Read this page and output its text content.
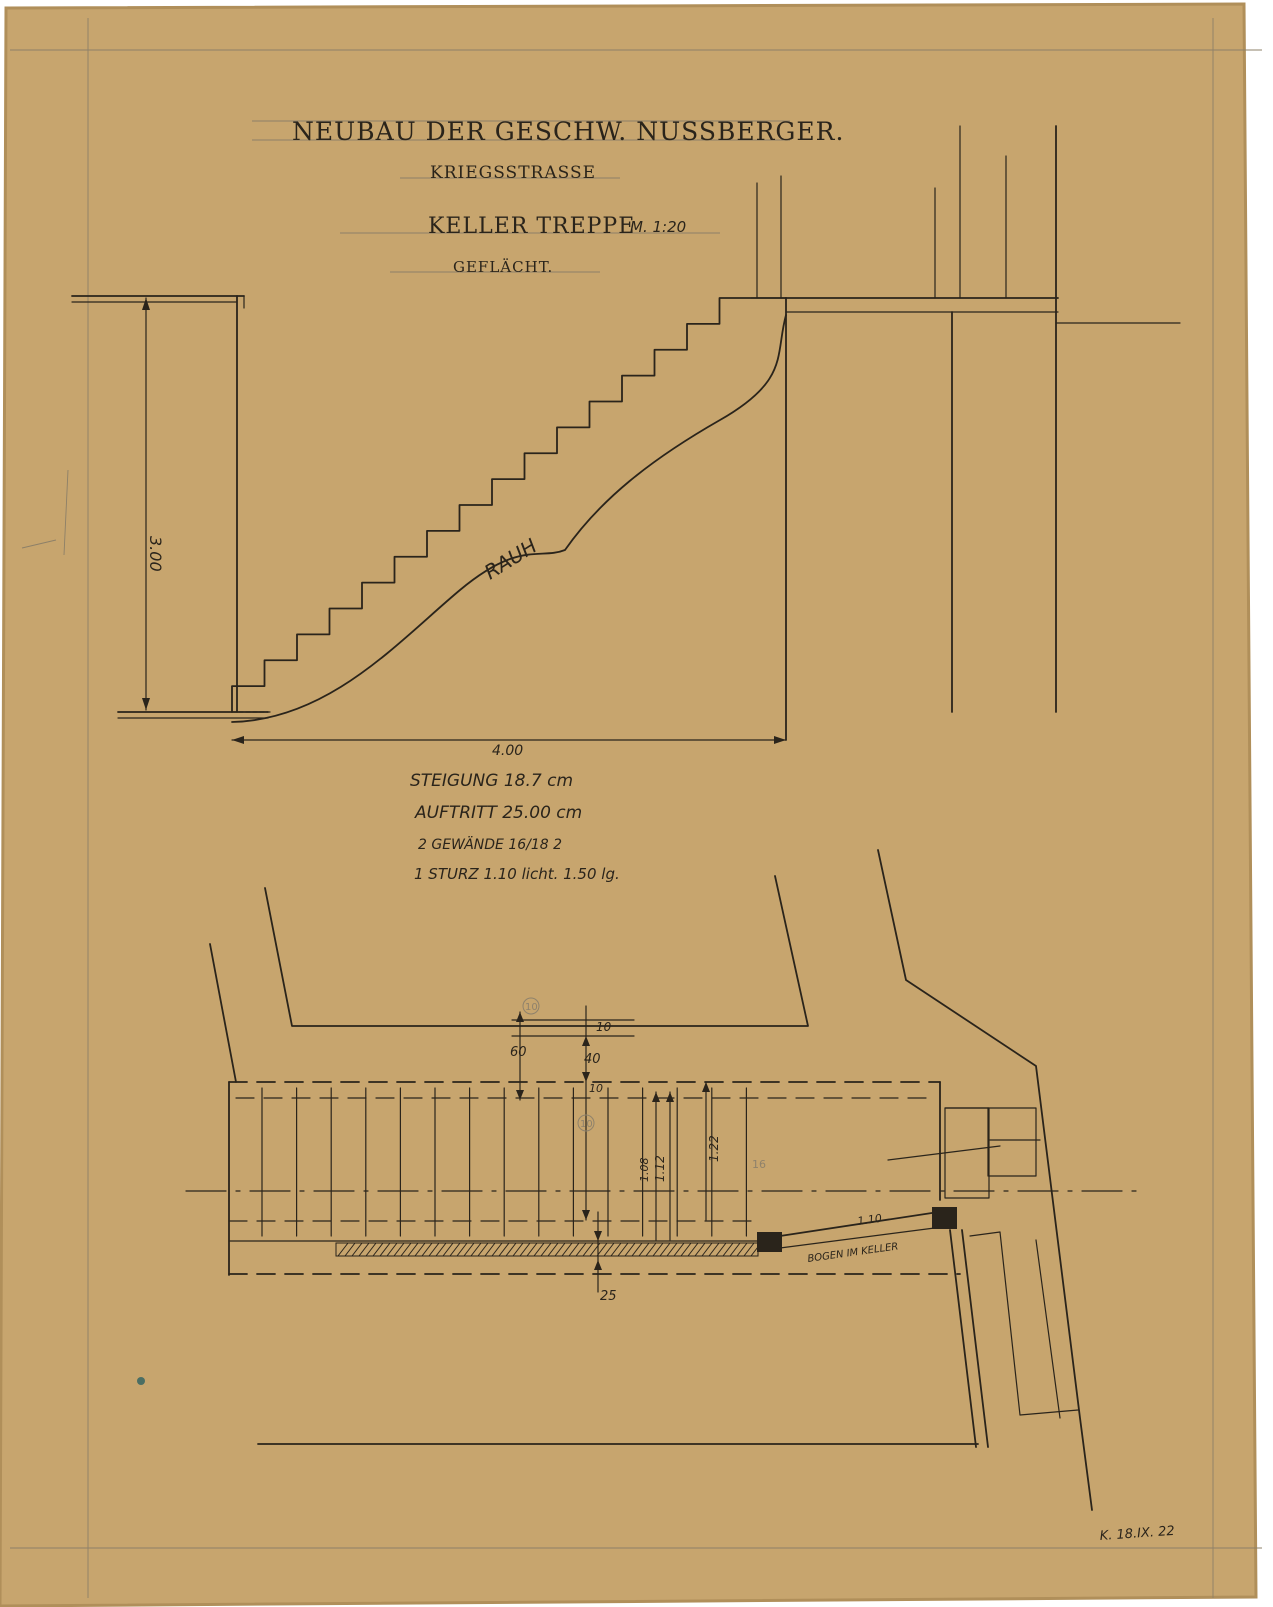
NEUBAU DER GESCHW. NUSSBERGER.
KRIEGSSTRASSE
KELLER TREPPE
M. 1:20
GEFLÄCHT.
RAUH
3.00
4.00
STEIGUNG 18.7 cm
AUFTRITT 25.00 cm
2 GEWÄNDE 16/18 2
1 STURZ 1.10 licht. 1.50 lg.
1.10
BOGEN IM KELLER
60	40
10
10
10
10
1.08 1.12
1.22
16
25
K. 18.IX. 22
